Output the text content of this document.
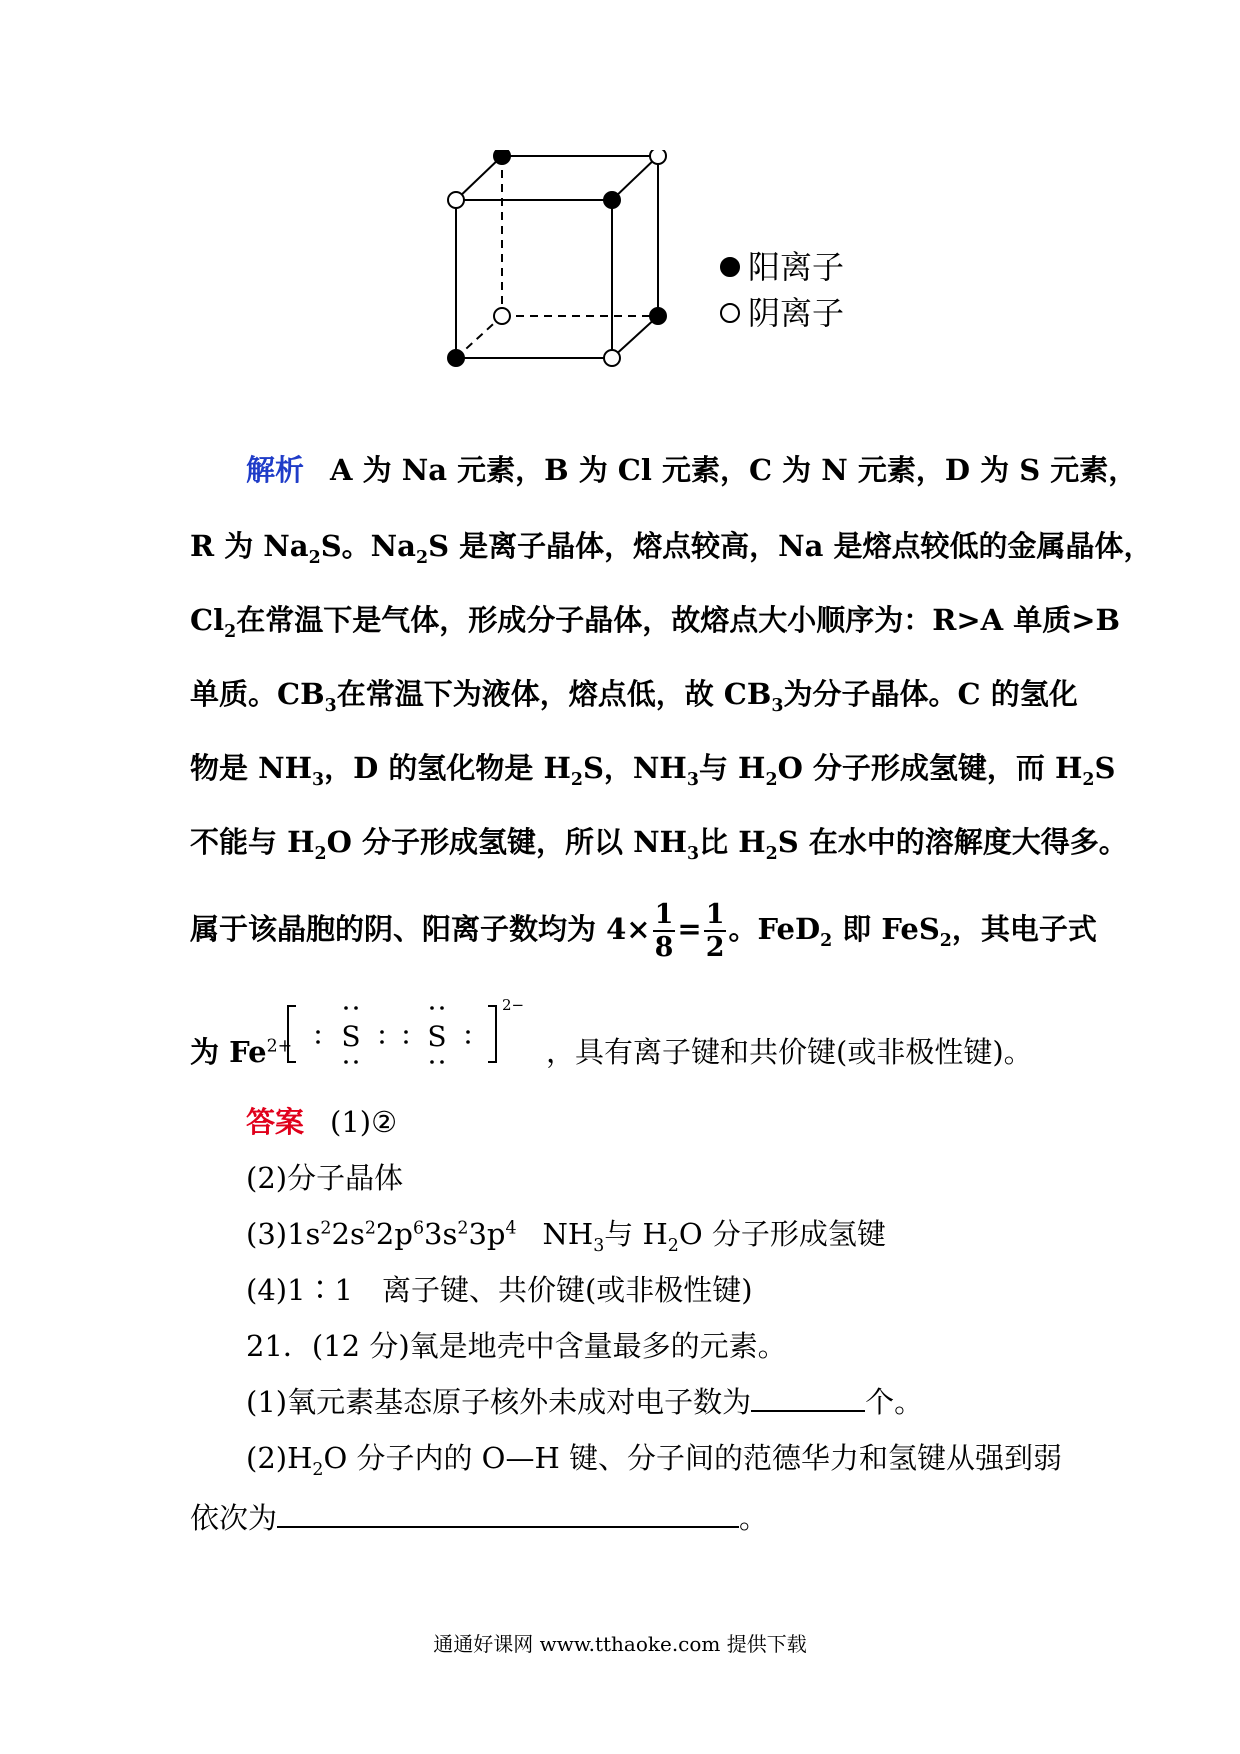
阳离子
阴离子
解析 A 为 Na 元素，B 为 Cl 元素，C 为 N 元素，D 为 S 元素，
R 为 $Na_2S$。$Na_2S$ 是离子晶体，熔点较高，Na 是熔点较低的金属晶体，
$Cl_2$在常温下是气体，形成分子晶体，故熔点大小顺序为：R>A 单质>B
单质。$CB_3$在常温下为液体，熔点低，故 $CB_3$为分子晶体。C 的氢化
物是 $NH_3$，D 的氢化物是 $H_2S$，$NH_3$与 $H_2O$ 分子形成氢键，而 $H_2S$
不能与 $H_2O$ 分子形成氢键，所以 $NH_3$比 $H_2S$ 在水中的溶解度大得多。
属于该晶胞的阴、阳离子数均为 $4\times \frac{1}{8} = \frac{1}{2}$ 。FeD$_2$ 即 FeS$_2$，其电子式
为 $Fe^{2+}$	S S
2−
，具有离子键和共价键(或非极性键)。
答案 (1)②
(2)分子晶体
$(3)1s^22s^22p^63s^23p^4$ $NH_3$与 $H_2O$ 分子形成氢键
(4)1∶1　离子键、共价键(或非极性键)
21．(12 分)氧是地壳中含量最多的元素。
(1)氧元素基态原子核外未成对电子数为	个。
$(2)H_2O$ 分子内的 O—H 键、分子间的范德华力和氢键从强到弱
依次为	。
通通好课网 www.tthaoke.com 提供下载
